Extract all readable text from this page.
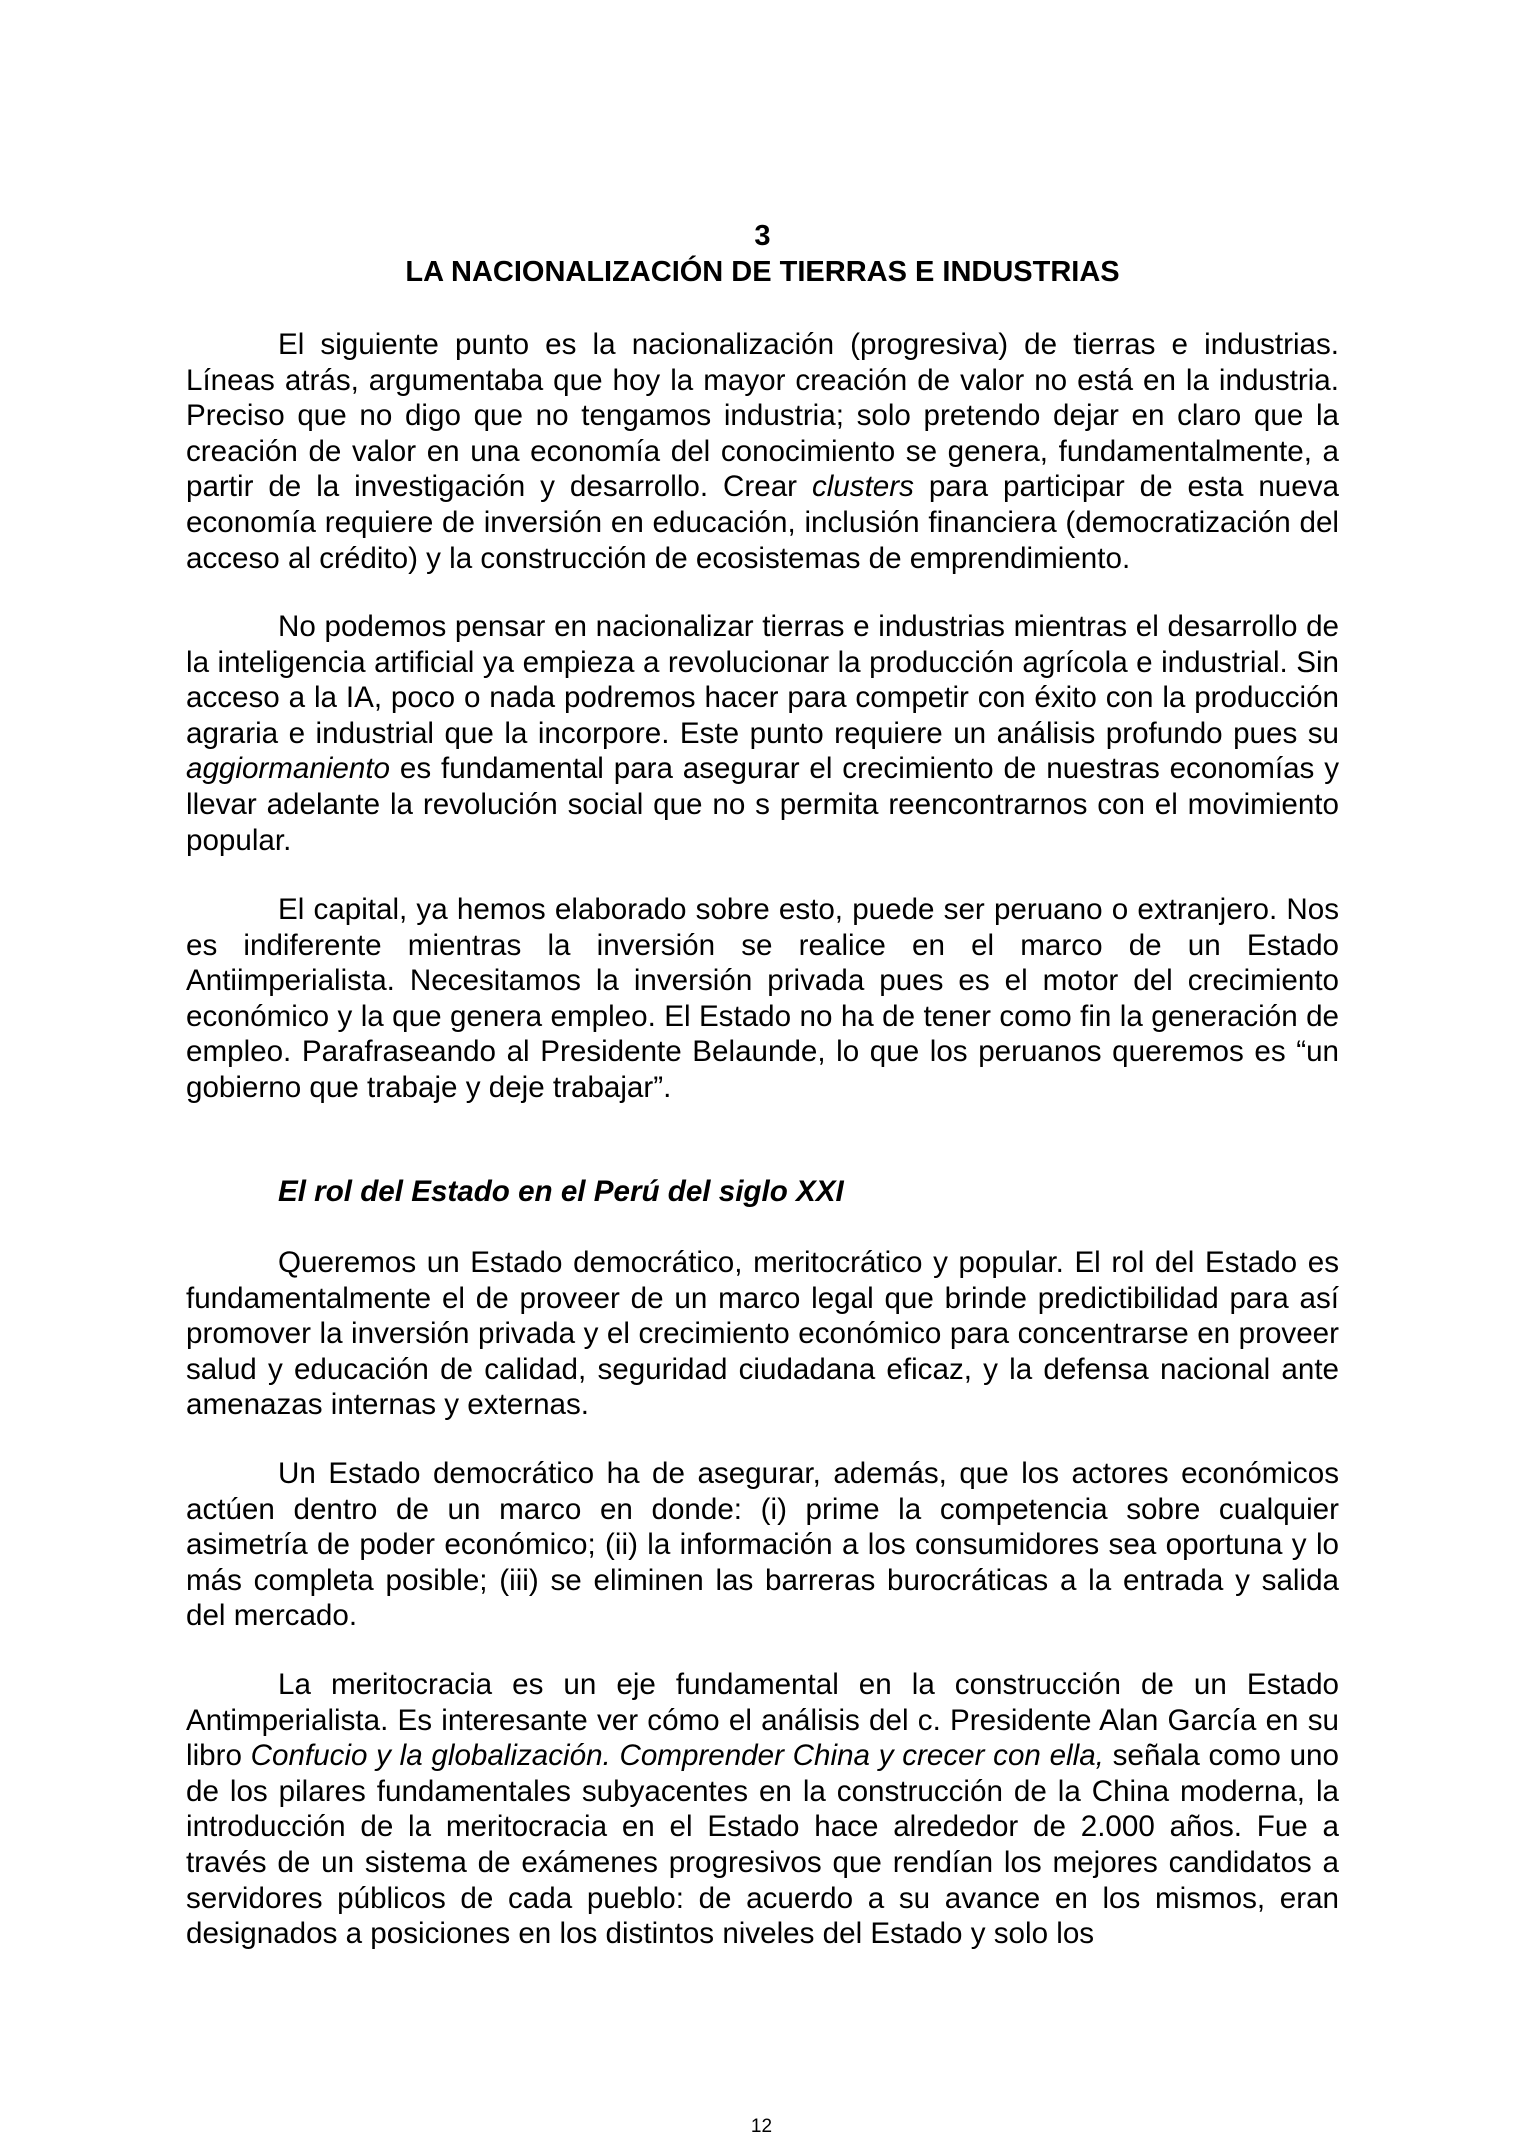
3
LA NACIONALIZACIÓN DE TIERRAS E INDUSTRIAS

El siguiente punto es la nacionalización (progresiva) de tierras e industrias. Líneas atrás, argumentaba que hoy la mayor creación de valor no está en la industria. Preciso que no digo que no tengamos industria; solo pretendo dejar en claro que la creación de valor en una economía del conocimiento se genera, fundamentalmente, a partir de la investigación y desarrollo. Crear clusters para participar de esta nueva economía requiere de inversión en educación, inclusión financiera (democratización del acceso al crédito) y la construcción de ecosistemas de emprendimiento.

No podemos pensar en nacionalizar tierras e industrias mientras el desarrollo de la inteligencia artificial ya empieza a revolucionar la producción agrícola e industrial. Sin acceso a la IA, poco o nada podremos hacer para competir con éxito con la producción agraria e industrial que la incorpore. Este punto requiere un análisis profundo pues su aggiormaniento es fundamental para asegurar el crecimiento de nuestras economías y llevar adelante la revolución social que no s permita reencontrarnos con el movimiento popular.

El capital, ya hemos elaborado sobre esto, puede ser peruano o extranjero. Nos es indiferente mientras la inversión se realice en el marco de un Estado Antiimperialista. Necesitamos la inversión privada pues es el motor del crecimiento económico y la que genera empleo. El Estado no ha de tener como fin la generación de empleo. Parafraseando al Presidente Belaunde, lo que los peruanos queremos es “un gobierno que trabaje y deje trabajar”.

El rol del Estado en el Perú del siglo XXI

Queremos un Estado democrático, meritocrático y popular. El rol del Estado es fundamentalmente el de proveer de un marco legal que brinde predictibilidad para así promover la inversión privada y el crecimiento económico para concentrarse en proveer salud y educación de calidad, seguridad ciudadana eficaz, y la defensa nacional ante amenazas internas y externas.

Un Estado democrático ha de asegurar, además, que los actores económicos actúen dentro de un marco en donde: (i) prime la competencia sobre cualquier asimetría de poder económico; (ii) la información a los consumidores sea oportuna y lo más completa posible; (iii) se eliminen las barreras burocráticas a la entrada y salida del mercado.

La meritocracia es un eje fundamental en la construcción de un Estado Antimperialista. Es interesante ver cómo el análisis del c. Presidente Alan García en su libro Confucio y la globalización. Comprender China y crecer con ella, señala como uno de los pilares fundamentales subyacentes en la construcción de la China moderna, la introducción de la meritocracia en el Estado hace alrededor de 2.000 años. Fue a través de un sistema de exámenes progresivos que rendían los mejores candidatos a servidores públicos de cada pueblo: de acuerdo a su avance en los mismos, eran designados a posiciones en los distintos niveles del Estado y solo los

12
